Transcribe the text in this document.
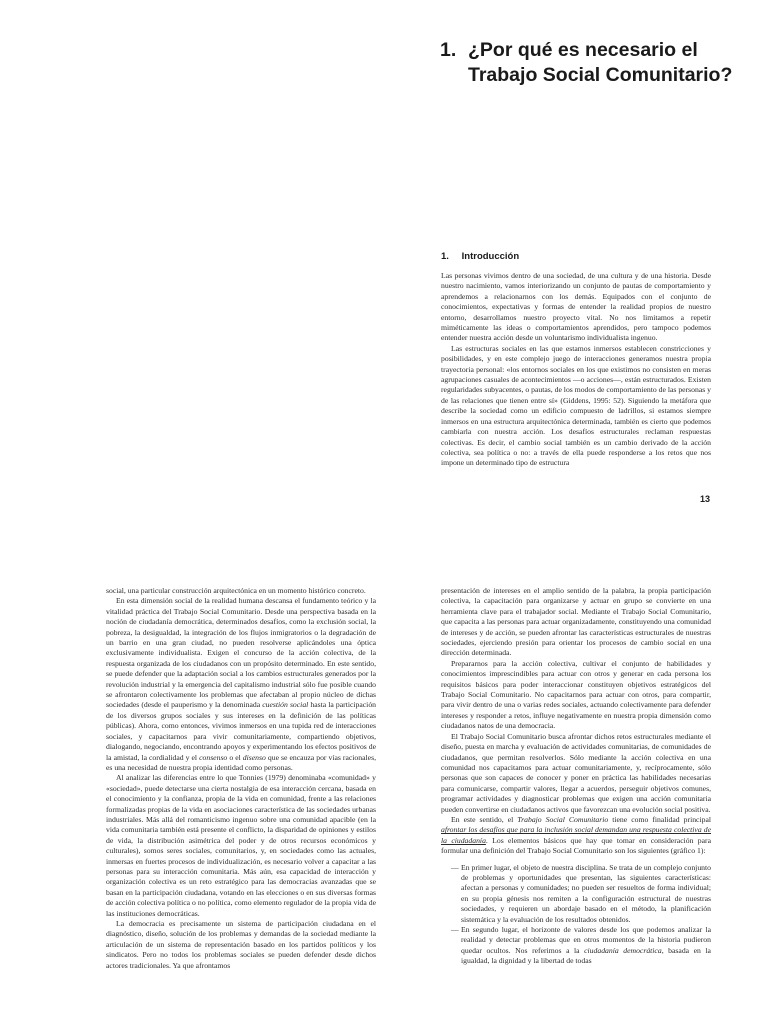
1. ¿Por qué es necesario el
Trabajo Social Comunitario?
1. Introducción

Las personas vivimos dentro de una sociedad, de una cultura y de una historia. Desde nuestro nacimiento, vamos interiorizando un conjunto de pautas de comportamiento y aprendemos a relacionarnos con los demás. Equipados con el conjunto de conocimientos, expectativas y formas de entender la realidad propios de nuestro entorno, desarrollamos nuestro proyecto vital. No nos limitamos a repetir miméticamente las ideas o comportamientos aprendidos, pero tampoco podemos entender nuestra acción desde un voluntarismo individualista ingenuo.

Las estructuras sociales en las que estamos inmersos establecen constricciones y posibilidades, y en este complejo juego de interacciones generamos nuestra propia trayectoria personal: «los entornos sociales en los que existimos no consisten en meras agrupaciones casuales de acontecimientos —o acciones—, están estructurados. Existen regularidades subyacentes, o pautas, de los modos de comportamiento de las personas y de las relaciones que tienen entre sí» (Giddens, 1995: 52). Siguiendo la metáfora que describe la sociedad como un edificio compuesto de ladrillos, si estamos siempre inmersos en una estructura arquitectónica determinada, también es cierto que podemos cambiarla con nuestra acción. Los desafíos estructurales reclaman respuestas colectivas. Es decir, el cambio social también es un cambio derivado de la acción colectiva, sea política o no: a través de ella puede responderse a los retos que nos impone un determinado tipo de estructura

13

social, una particular construcción arquitectónica en un momento histórico concreto.

En esta dimensión social de la realidad humana descansa el fundamento teórico y la vitalidad práctica del Trabajo Social Comunitario. Desde una perspectiva basada en la noción de ciudadanía democrática, determinados desafíos, como la exclusión social, la pobreza, la desigualdad, la integración de los flujos inmigratorios o la degradación de un barrio en una gran ciudad, no pueden resolverse aplicándoles una óptica exclusivamente individualista. Exigen el concurso de la acción colectiva, de la respuesta organizada de los ciudadanos con un propósito determinado. En este sentido, se puede defender que la adaptación social a los cambios estructurales generados por la revolución industrial y la emergencia del capitalismo industrial sólo fue posible cuando se afrontaron colectivamente los problemas que afectaban al propio núcleo de dichas sociedades (desde el pauperismo y la denominada cuestión social hasta la participación de los diversos grupos sociales y sus intereses en la definición de las políticas públicas). Ahora, como entonces, vivimos inmersos en una tupida red de interacciones sociales, y capacitarnos para vivir comunitariamente, compartiendo objetivos, dialogando, negociando, encontrando apoyos y experimentando los efectos positivos de la amistad, la cordialidad y el consenso o el disenso que se encauza por vías racionales, es una necesidad de nuestra propia identidad como personas.

Al analizar las diferencias entre lo que Tonnies (1979) denominaba «comunidad» y «sociedad», puede detectarse una cierta nostalgia de esa interacción cercana, basada en el conocimiento y la confianza, propia de la vida en comunidad, frente a las relaciones formalizadas propias de la vida en asociaciones característica de las sociedades urbanas industriales. Más allá del romanticismo ingenuo sobre una comunidad apacible (en la vida comunitaria también está presente el conflicto, la disparidad de opiniones y estilos de vida, la distribución asimétrica del poder y de otros recursos económicos y culturales), somos seres sociales, comunitarios, y, en sociedades como las actuales, inmersas en fuertes procesos de individualización, es necesario volver a capacitar a las personas para su interacción comunitaria. Más aún, esa capacidad de interacción y organización colectiva es un reto estratégico para las democracias avanzadas que se basan en la participación ciudadana, votando en las elecciones o en sus diversas formas de acción colectiva política o no política, como elemento regulador de la propia vida de las instituciones democráticas.

La democracia es precisamente un sistema de participación ciudadana en el diagnóstico, diseño, solución de los problemas y demandas de la sociedad mediante la articulación de un sistema de representación basado en los partidos políticos y los sindicatos. Pero no todos los problemas sociales se pueden defender desde dichos actores tradicionales. Ya que afrontamos

presentación de intereses en el amplio sentido de la palabra, la propia participación colectiva, la capacitación para organizarse y actuar en grupo se convierte en una herramienta clave para el trabajador social. Mediante el Trabajo Social Comunitario, que capacita a las personas para actuar organizadamente, constituyendo una comunidad de intereses y de acción, se pueden afrontar las características estructurales de nuestras sociedades, ejerciendo presión para orientar los procesos de cambio social en una dirección determinada.

Prepararnos para la acción colectiva, cultivar el conjunto de habilidades y conocimientos imprescindibles para actuar con otros y generar en cada persona los requisitos básicos para poder interaccionar constituyen objetivos estratégicos del Trabajo Social Comunitario. No capacitarnos para actuar con otros, para compartir, para vivir dentro de una o varias redes sociales, actuando colectivamente para defender intereses y responder a retos, influye negativamente en nuestra propia dimensión como ciudadanos natos de una democracia.

El Trabajo Social Comunitario busca afrontar dichos retos estructurales mediante el diseño, puesta en marcha y evaluación de actividades comunitarias, de comunidades de ciudadanos, que permitan resolverlos. Sólo mediante la acción colectiva en una comunidad nos capacitamos para actuar comunitariamente, y, recíprocamente, sólo personas que son capaces de conocer y poner en práctica las habilidades necesarias para comunicarse, compartir valores, llegar a acuerdos, perseguir objetivos comunes, programar actividades y diagnosticar problemas que exigen una acción comunitaria pueden convertirse en ciudadanos activos que favorezcan una evolución social positiva.

En este sentido, el Trabajo Social Comunitario tiene como finalidad principal afrontar los desafíos que para la inclusión social demandan una respuesta colectiva de la ciudadanía. Los elementos básicos que hay que tomar en consideración para formular una definición del Trabajo Social Comunitario son los siguientes (gráfico 1):

— En primer lugar, el objeto de nuestra disciplina. Se trata de un complejo conjunto de problemas y oportunidades que presentan, las siguientes características: afectan a personas y comunidades; no pueden ser resueltos de forma individual; en su propia génesis nos remiten a la configuración estructural de nuestras sociedades, y requieren un abordaje basado en el método, la planificación sistemática y la evaluación de los resultados obtenidos.
— En segundo lugar, el horizonte de valores desde los que podemos analizar la realidad y detectar problemas que en otros momentos de la historia pudieron quedar ocultos. Nos referimos a la ciudadanía democrática, basada en la igualdad, la dignidad y la libertad de todas
